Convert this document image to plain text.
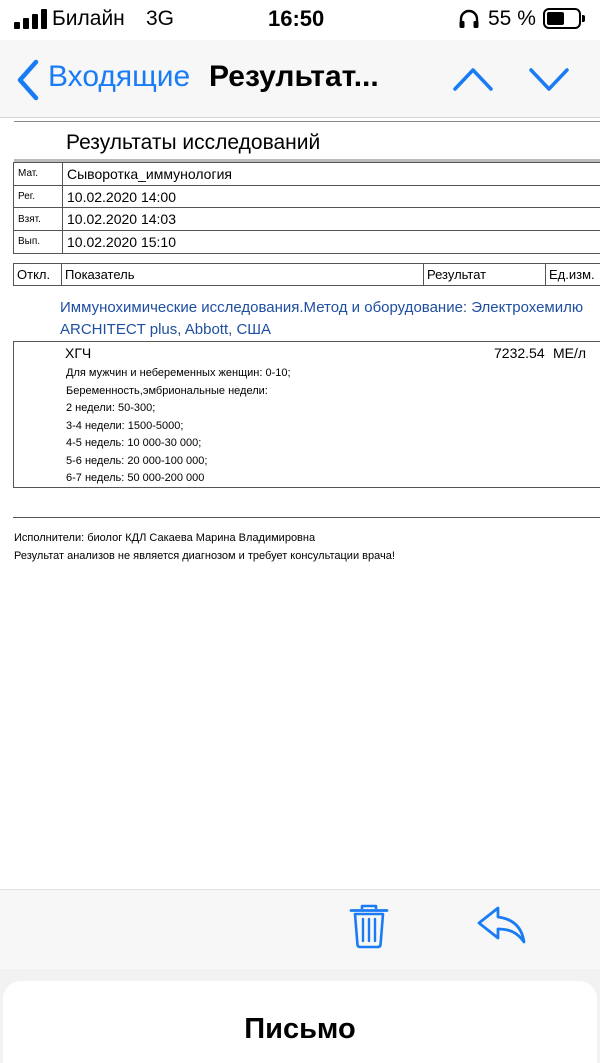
Билайн 3G	16:50	55 %
Входящие Результат...
Результаты исследований
Мат.	Сыворотка_иммунология
Рег.	10.02.2020 14:00
Взят.	10.02.2020 14:03
Вып.	10.02.2020 15:10
Откл.	Показатель	Результат	Ед.изм.
Иммунохимические исследования.Метод и оборудование: Электрохемилю
ARCHITECT plus, Abbott, США
ХГЧ	7232.54 МЕ/л
Для мужчин и небеременных женщин: 0-10;
Беременность,эмбриональные недели:
2 недели: 50-300;
3-4 недели: 1500-5000;
4-5 недель: 10 000-30 000;
5-6 недель: 20 000-100 000;
6-7 недель: 50 000-200 000
Исполнители: биолог КДЛ Сакаева Марина Владимировна
Результат анализов не является диагнозом и требует консультации врача!
Письмо
